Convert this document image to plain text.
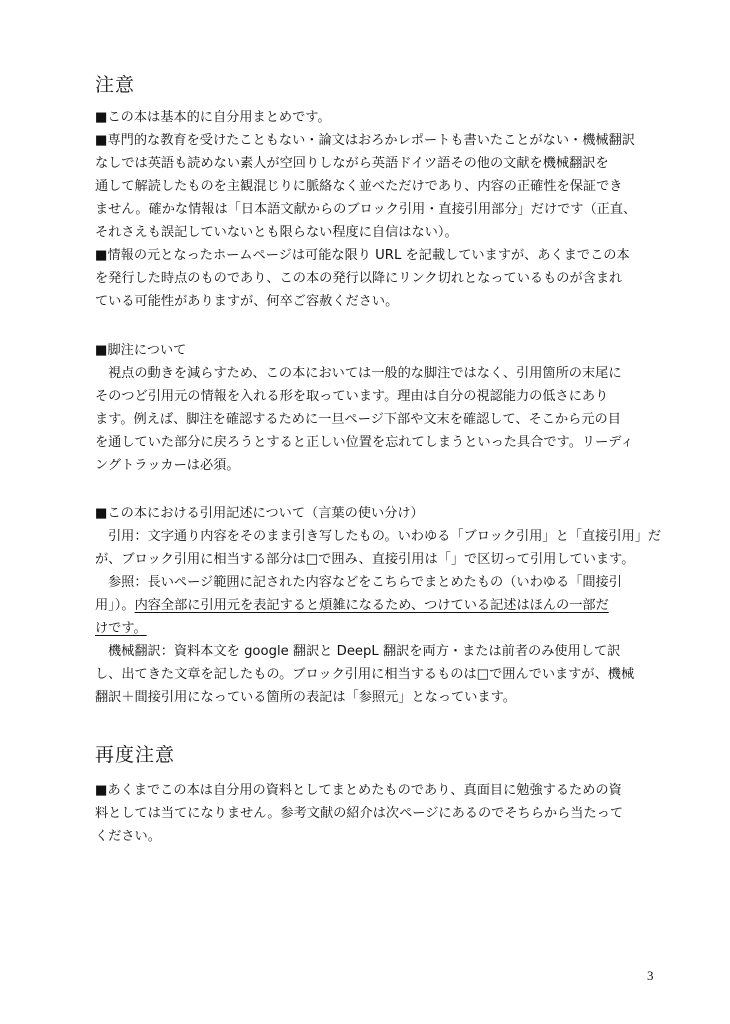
注意
■この本は基本的に自分用まとめです。
■専門的な教育を受けたこともない・論文はおろかレポートも書いたことがない・機械翻訳
なしでは英語も読めない素人が空回りしながら英語ドイツ語その他の文献を機械翻訳を
通して解読したものを主観混じりに脈絡なく並べただけであり、内容の正確性を保証でき
ません。確かな情報は「日本語文献からのブロック引用・直接引用部分」だけです（正直、
それさえも誤記していないとも限らない程度に自信はない）。
■情報の元となったホームページは可能な限り URL を記載していますが、あくまでこの本
を発行した時点のものであり、この本の発行以降にリンク切れとなっているものが含まれ
ている可能性がありますが、何卒ご容赦ください。
■脚注について
視点の動きを減らすため、この本においては一般的な脚注ではなく、引用箇所の末尾に
そのつど引用元の情報を入れる形を取っています。理由は自分の視認能力の低さにあり
ます。例えば、脚注を確認するために一旦ページ下部や文末を確認して、そこから元の目
を通していた部分に戻ろうとすると正しい位置を忘れてしまうといった具合です。リーディ
ングトラッカーは必須。
■この本における引用記述について（言葉の使い分け）
引用：文字通り内容をそのまま引き写したもの。いわゆる「ブロック引用」と「直接引用」だ
が、ブロック引用に相当する部分は□で囲み、直接引用は「」で区切って引用しています。
参照：長いページ範囲に記された内容などをこちらでまとめたもの（いわゆる「間接引
用」）。内容全部に引用元を表記すると煩雑になるため、つけている記述はほんの一部だ
けです。
機械翻訳：資料本文を google 翻訳と DeepL 翻訳を両方・または前者のみ使用して訳
し、出てきた文章を記したもの。ブロック引用に相当するものは□で囲んでいますが、機械
翻訳＋間接引用になっている箇所の表記は「参照元」となっています。
再度注意
■あくまでこの本は自分用の資料としてまとめたものであり、真面目に勉強するための資
料としては当てになりません。参考文献の紹介は次ページにあるのでそちらから当たって
ください。
3
